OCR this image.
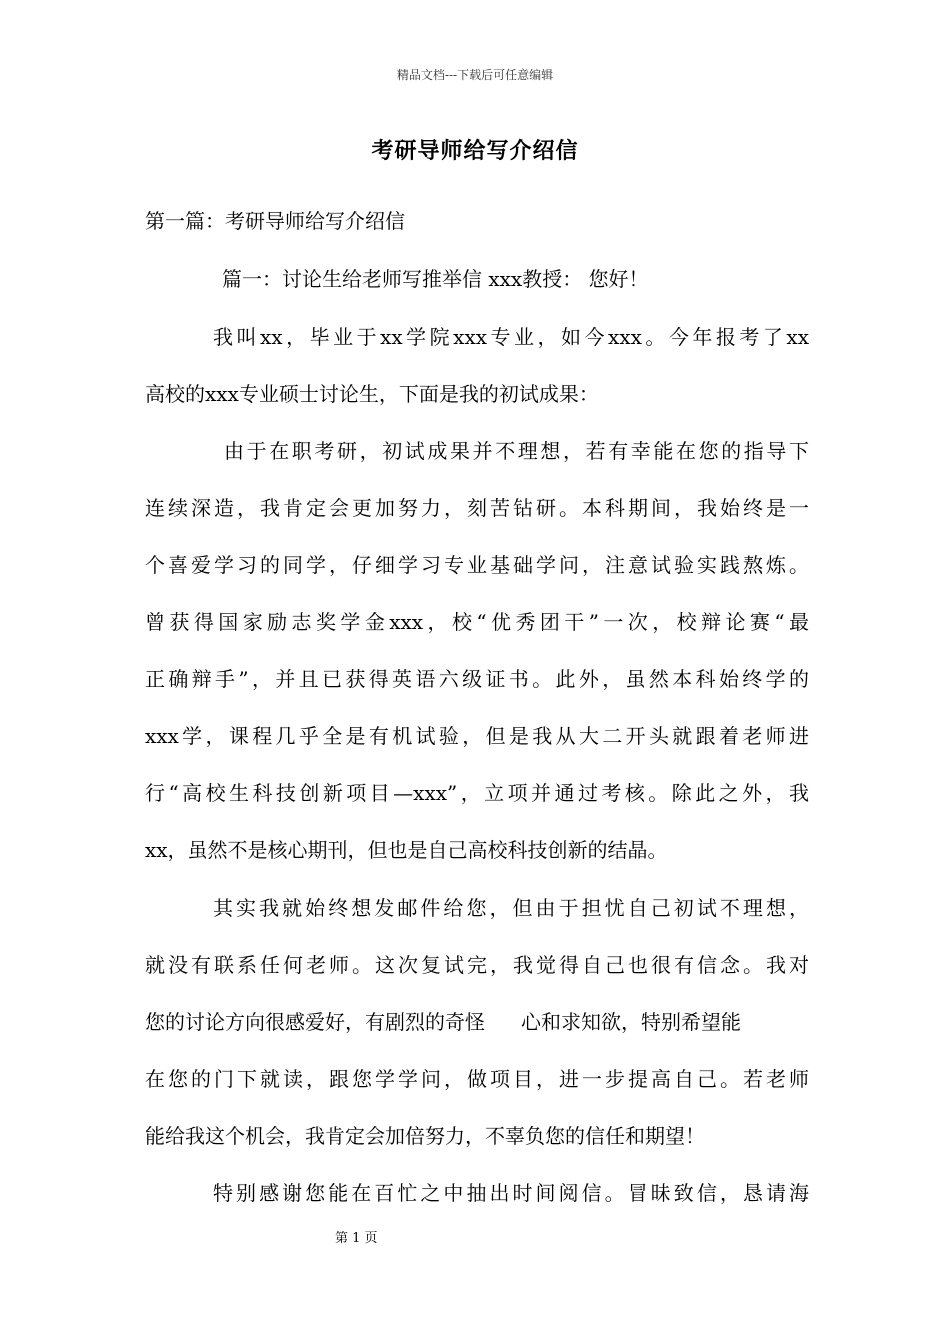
精品文档---下载后可任意编辑
考研导师给写介绍信
第一篇：考研导师给写介绍信
篇一：讨论生给老师写推举信 xxx教授： 您好！
我叫xx，毕业于xx学院xxx专业，如今xxx。今年报考了xx
高校的xxx专业硕士讨论生，下面是我的初试成果：
由于在职考研，初试成果并不理想，若有幸能在您的指导下
连续深造，我肯定会更加努力，刻苦钻研。本科期间，我始终是一
个喜爱学习的同学，仔细学习专业基础学问，注意试验实践熬炼。
曾获得国家励志奖学金xxx，校“优秀团干”一次，校辩论赛“最
正确辩手”，并且已获得英语六级证书。此外，虽然本科始终学的
xxx学，课程几乎全是有机试验，但是我从大二开头就跟着老师进
行“高校生科技创新项目—xxx”，立项并通过考核。除此之外，我
xx，虽然不是核心期刊，但也是自己高校科技创新的结晶。
其实我就始终想发邮件给您，但由于担忧自己初试不理想，
就没有联系任何老师。这次复试完，我觉得自己也很有信念。我对
您的讨论方向很感爱好，有剧烈的奇怪 心和求知欲，特别希望能
在您的门下就读，跟您学学问，做项目，进一步提高自己。若老师
能给我这个机会，我肯定会加倍努力，不辜负您的信任和期望！
特别感谢您能在百忙之中抽出时间阅信。冒昧致信，恳请海
第 1 页
